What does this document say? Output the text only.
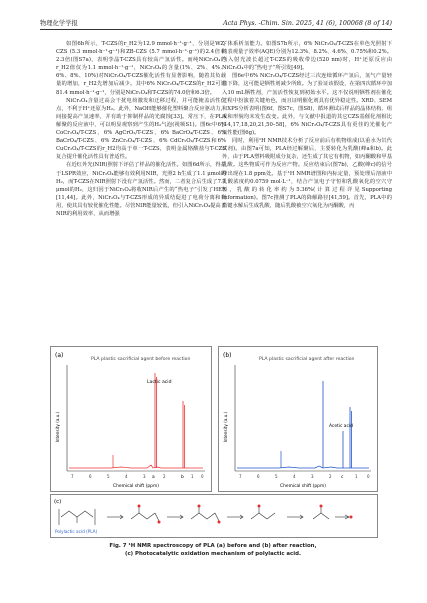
物理化学学报	Acta Phys. -Chim. Sin. 2025, 41 (6), 100068 (8 of 14)

如图6b所示，T-CZS的r_H2为12.9 mmol·h⁻¹·g⁻¹，分别是WZ-CZS (5.3 mmol·h⁻¹·g⁻¹)和ZB-CZS (5.7 mmol·h⁻¹·g⁻¹)的2.4倍和2.3倍(图S7a)，表明孪晶T-CZS具有较高产氢活性。而纯NiCr₂O₄的r_H2值仅为1.1 mmol·h⁻¹·g⁻¹，NiCr₂O₄的含量(1%、2%、4%、6%、8%、10%)对NiCr₂O₄/T-CZS催化活性有显著影响，随着其负载量的增加，r_H2先增加后减少。其中6% NiCr₂O₄/T-CZS的r_H2可达81.4 mmol·h⁻¹·g⁻¹，分别是NiCr₂O₄和T-CZS的74.0倍和6.3倍。

NiCr₂O₄含量过高会干扰电荷激发和迁移过程，并可能掩盖活性位点，不利于H⁺还原为H₂。此外，NaOH能够催化塑料聚合反应驱动力，间接提高产氢速率，并有助于抑制样品的光腐蚀[33]。常压下，在PLA解聚的反应液中，可以明显观察到产生的H₂气泡(视频S1)。图6c中6% CoCr₂O₄/T-CZS、6% AgCrO₂/T-CZS、6% BaCrO₄/T-CZS、6% BaCrO₄/T-CZS、6% ZnCr₂O₄/T-CZS、6% CdCr₂O₄/T-CZS和6% CuCr₂O₄/T-CZS的r_H2均高于单一T-CZS，表明金属铬酸盐与T-CZS复合提升催化活性具有普适性。

在近红外光(NIR)照射下评估了样品的催化活性。如图6d所示，得益于LSPR效应，NiCr₂O₄能够有效利用NIR，光照2 h生成了1.1 μmol的H₂，而T-CZS在NIR照射下没有产氢活性。然而，二者复合后生成了7.1 μmol的H₂，这归因于NiCr₂O₄将收NIR后产生的“热电子”引发了HER [11,44]。此外，NiCr₂O₄与T-CZS形成的异质结促进了电荷分离和利用，使其具有较优催化性能。尽管NIR能量较低，但引入NiCr₂O₄提高了NIR的利用效率，从而增强

了体系析氢能力。如图S7b所示，6% NiCr₂O₄/T-CZS在单色光照射下的表观量子效率(AQE)分别为12.3%、8.2%、4.6%、0.75%和0.2%。当入射光波长超过T-CZS的吸收带边(520 nm)时，H⁺还原反应由NiCr₂O₄中的“热电子”所引发[49]。

图6e中6% NiCr₂O₄/T-CZS经过三次连续循环产氢后，氢气产量轻微下降，这可能是牺牲剂减少所致。为了验证该假设，在第四次循环中加入10 mL牺牲剂，产氢活性恢复到初始水平。这不仅说明牺牲剂在催化过程中扮演着关键角色，而且证明催化剂具有优异稳定性。XRD、SEM和XPS分析表明(图6f，图S7c，图S8)，循环测试后样品的晶体结构、组成和形貌均未发生改变。此外，与文献中报道的其它CZS基催化剂相比[14,17,18,20,21,50–58]，6% NiCr₂O₄/T-CZS具有更佳的光催化产氢性能(图6g)。

同时，利用¹H NMR技术分析了反应前后有机物组成(以重水为氘代试剂)。由图7a可知，PLA经过解聚后，主要转化为乳酸(峰a和b)。此外，由于PLA塑料吸附成分复杂，还生成了其它有机物，如丙酮酸和甲基乳酸。这些物质可作为反应产物。反应结束后(图7b)，乙酸(峰c)的信号峰出现在1.8 ppm处。基于¹H NMR谱图和内标定量，预处理后溶液中乳酸浓度约0.0759 mol·L⁻¹，结合产氢电子守恒和乳酸氧化的空穴守恒，乳酸的转化率约为5.36%(计算过程详见Supporting Information)。图7c推测了PLA的降解路径[41,59]。首先，PLA中的酯键水解后生成乳酸，随后乳酸被空穴氧化为丙酮酸，丙

(a)
PLA plastic sacrificial agent before reaction
Intensity (a.u.)
Lactic acid
a	b
7	6	5	4	3	2	1 0
Chemical shift (ppm)
(b)
PLA plastic sacrificial agent after reaction
Intensity (a.u.)	Acetic acid
c
7	6	5	4	3	2	1 0
Chemical shift (ppm)
(c)
Polylactic acid (PLA)
Fig. 7 ¹H NMR spectroscopy of PLA (a) before and (b) after reaction,
(c) Photocatalytic oxidation mechanism of polylactic acid.
